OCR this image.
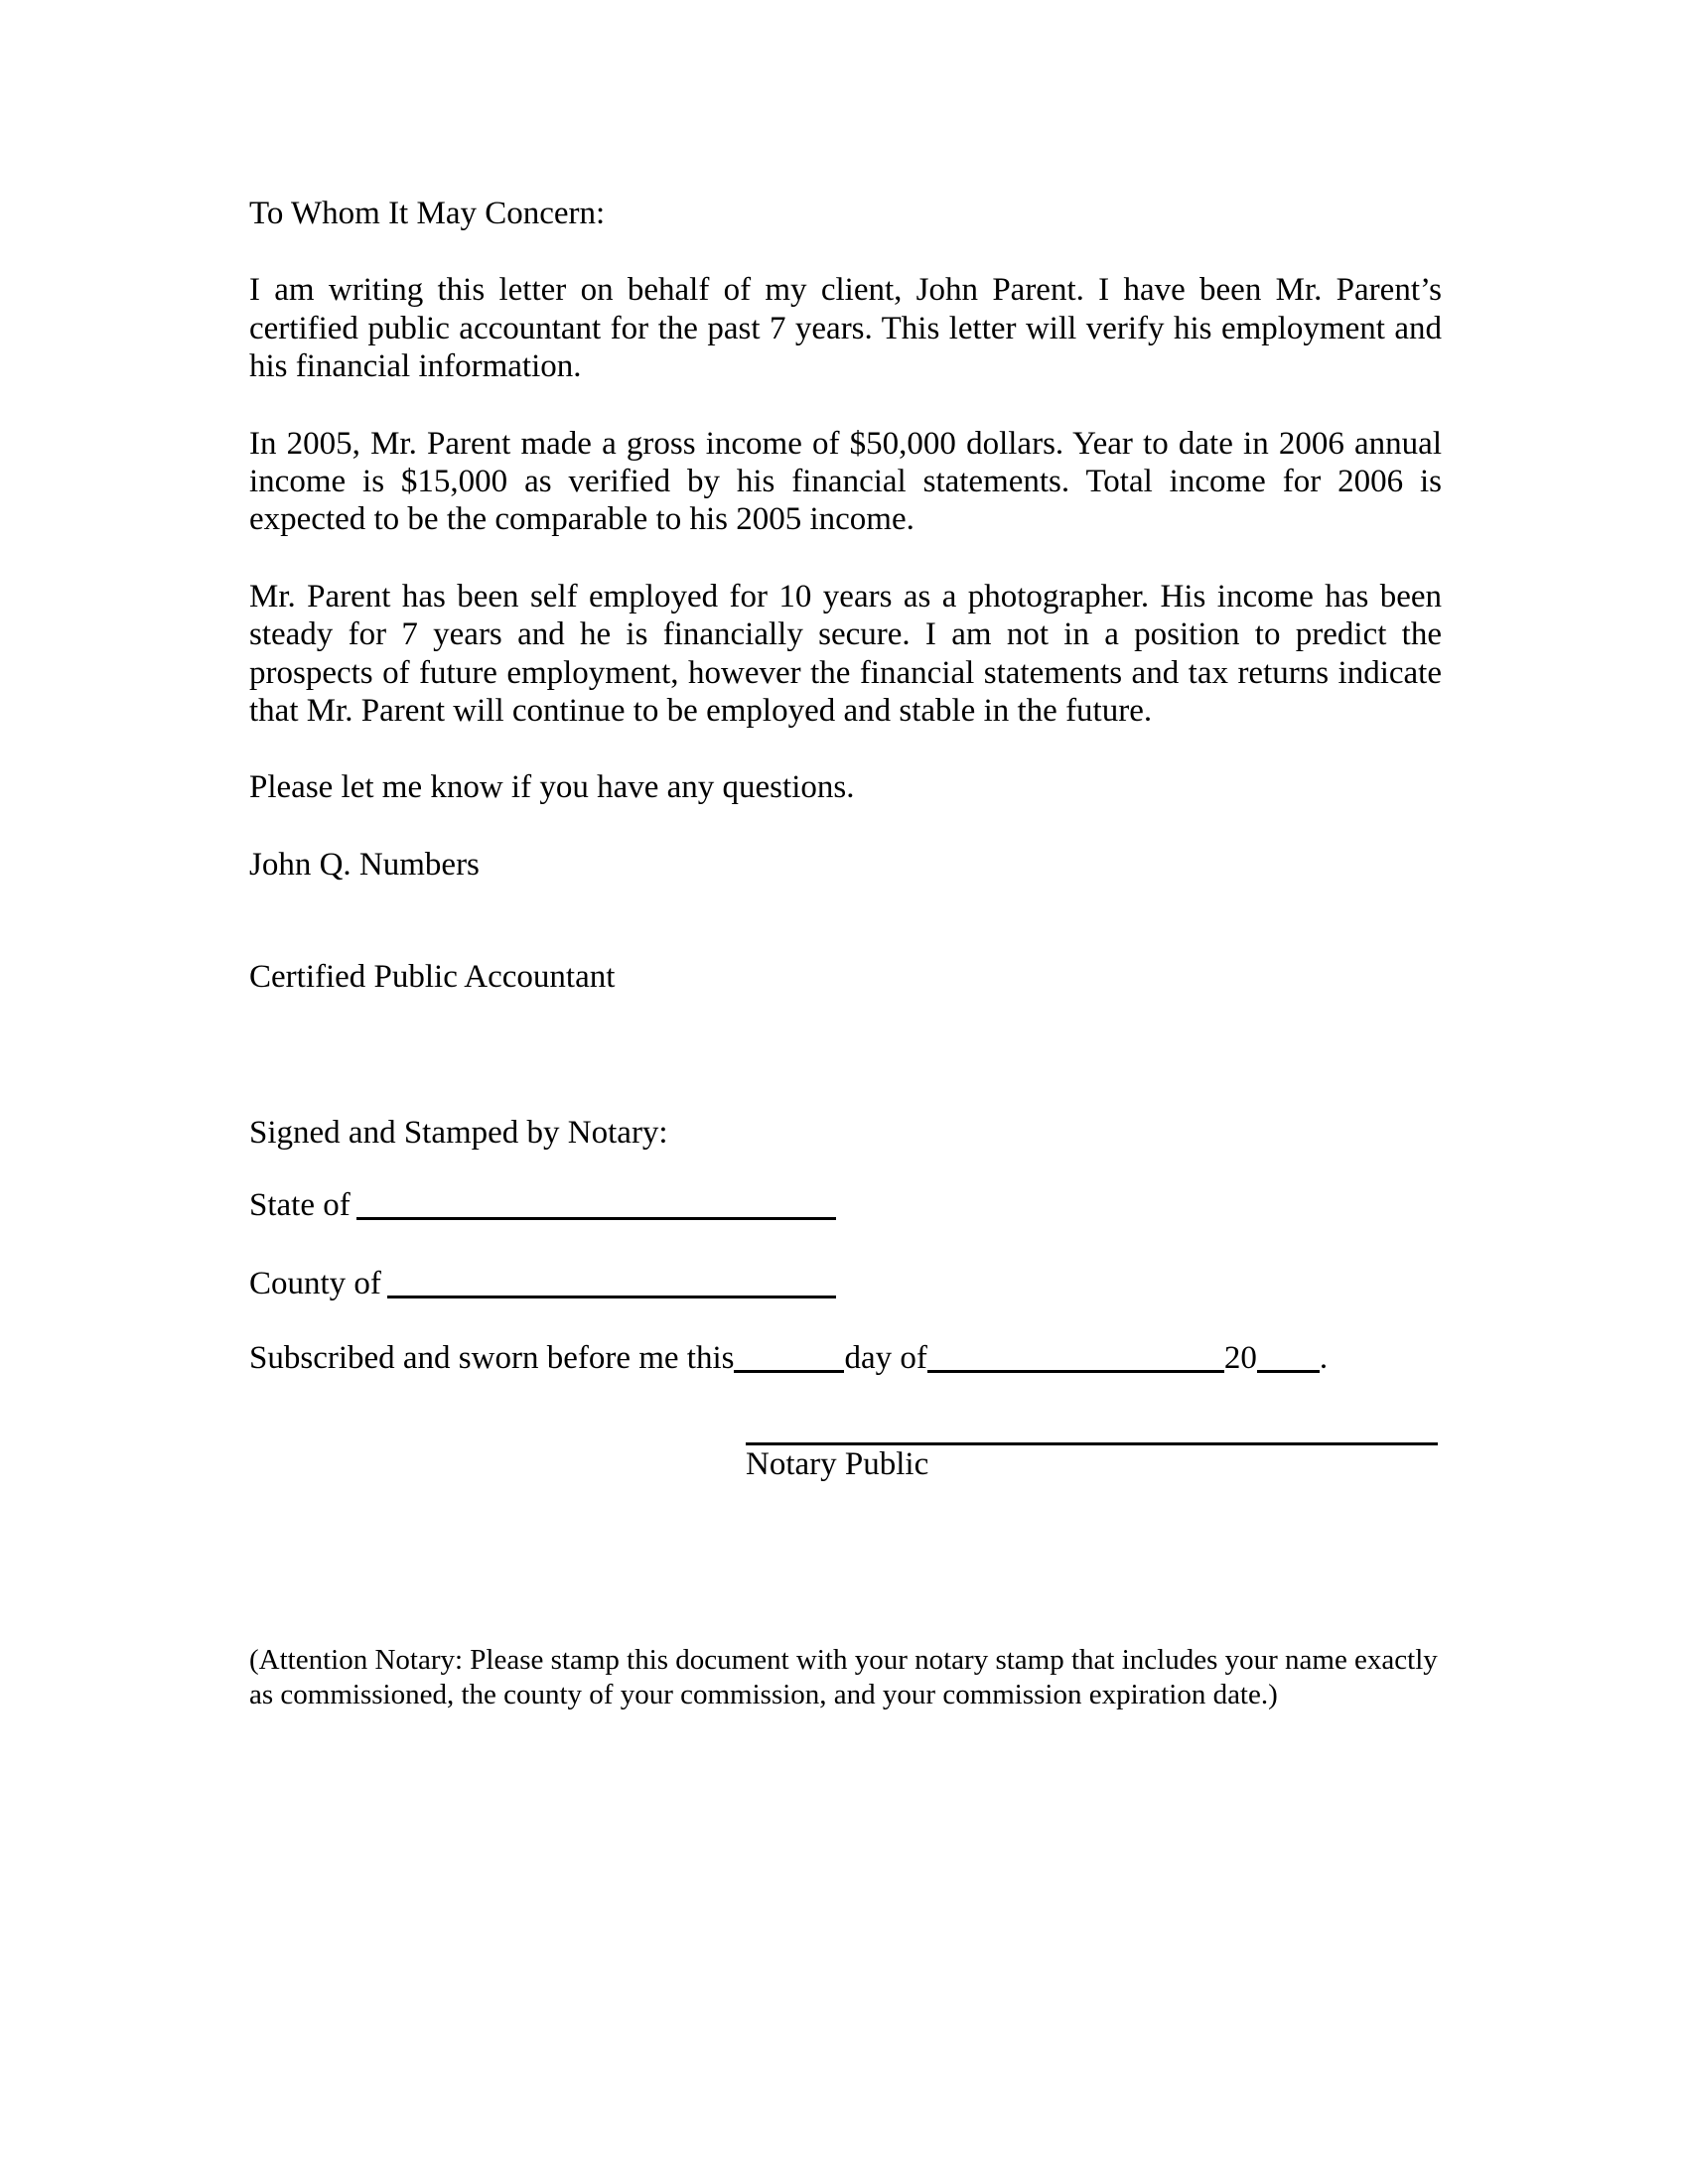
To Whom It May Concern:

I am writing this letter on behalf of my client, John Parent. I have been Mr. Parent’s certified public accountant for the past 7 years. This letter will verify his employment and his financial information.

In 2005, Mr. Parent made a gross income of $50,000 dollars. Year to date in 2006 annual income is $15,000 as verified by his financial statements. Total income for 2006 is expected to be the comparable to his 2005 income.

Mr. Parent has been self employed for 10 years as a photographer. His income has been steady for 7 years and he is financially secure. I am not in a position to predict the prospects of future employment, however the financial statements and tax returns indicate that Mr. Parent will continue to be employed and stable in the future.

Please let me know if you have any questions.

John Q. Numbers

Certified Public Accountant

Signed and Stamped by Notary:

State of

County of

Subscribed and sworn before me this	day of	20 .

Notary Public

(Attention Notary: Please stamp this document with your notary stamp that includes your name exactly as commissioned, the county of your commission, and your commission expiration date.)
